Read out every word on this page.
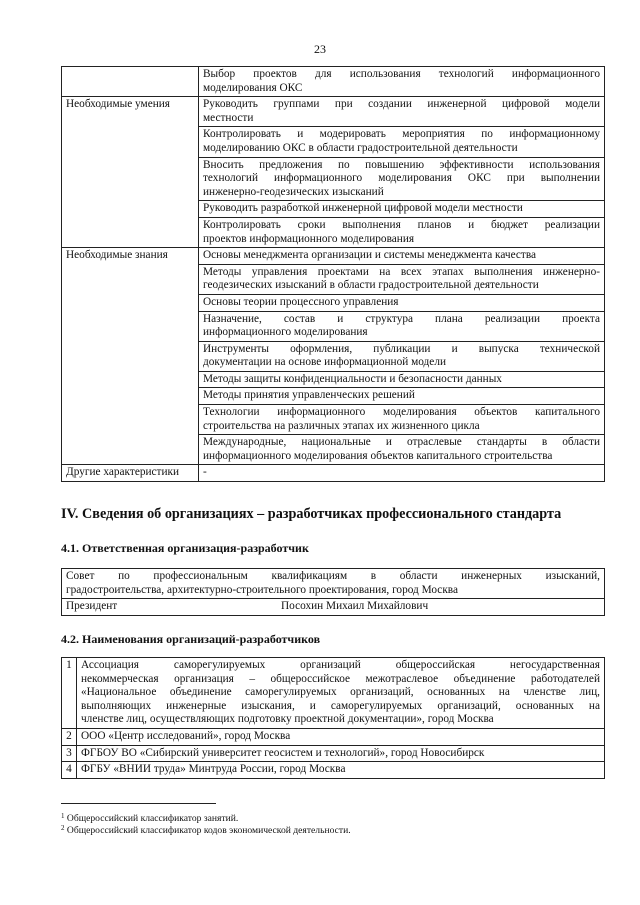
23

	Выбор проектов для использования технологий информационного
моделирования ОКС

Необходимые умения	Руководить группами при создании инженерной цифровой модели
местности

	Контролировать и модерировать мероприятия по информационному
моделированию ОКС в области градостроительной деятельности

	Вносить предложения по повышению эффективности использования
технологий информационного моделирования ОКС при выполнении
инженерно-геодезических изысканий

	Руководить разработкой инженерной цифровой модели местности

	Контролировать сроки выполнения планов и бюджет реализации
проектов информационного моделирования

Необходимые знания	Основы менеджмента организации и системы менеджмента качества

	Методы управления проектами на всех этапах выполнения инженерно-
геодезических изысканий в области градостроительной деятельности

	Основы теории процессного управления

	Назначение, состав и структура плана реализации проекта
информационного моделирования

	Инструменты оформления, публикации и выпуска технической
документации на основе информационной модели

	Методы защиты конфиденциальности и безопасности данных

	Методы принятия управленческих решений

	Технологии информационного моделирования объектов капитального
строительства на различных этапах их жизненного цикла

	Международные, национальные и отраслевые стандарты в области
информационного моделирования объектов капитального строительства

Другие характеристики	-
IV. Сведения об организациях – разработчиках профессионального стандарта
4.1. Ответственная организация-разработчик
Совет по профессиональным квалификациям в области инженерных изысканий,
градостроительства, архитектурно-строительного проектирования, город Москва

Президент	Посохин Михаил Михайлович
4.2. Наименования организаций-разработчиков
1	Ассоциация саморегулируемых организаций общероссийская негосударственная
некоммерческая организация – общероссийское межотраслевое объединение работодателей
«Национальное объединение саморегулируемых организаций, основанных на членстве лиц,
выполняющих инженерные изыскания, и саморегулируемых организаций, основанных на
членстве лиц, осуществляющих подготовку проектной документации», город Москва

2	ООО «Центр исследований», город Москва

3	ФГБОУ ВО «Сибирский университет геосистем и технологий», город Новосибирск

4	ФГБУ «ВНИИ труда» Минтруда России, город Москва
$^1$ Общероссийский классификатор занятий.
$^2$ Общероссийский классификатор кодов экономической деятельности.
